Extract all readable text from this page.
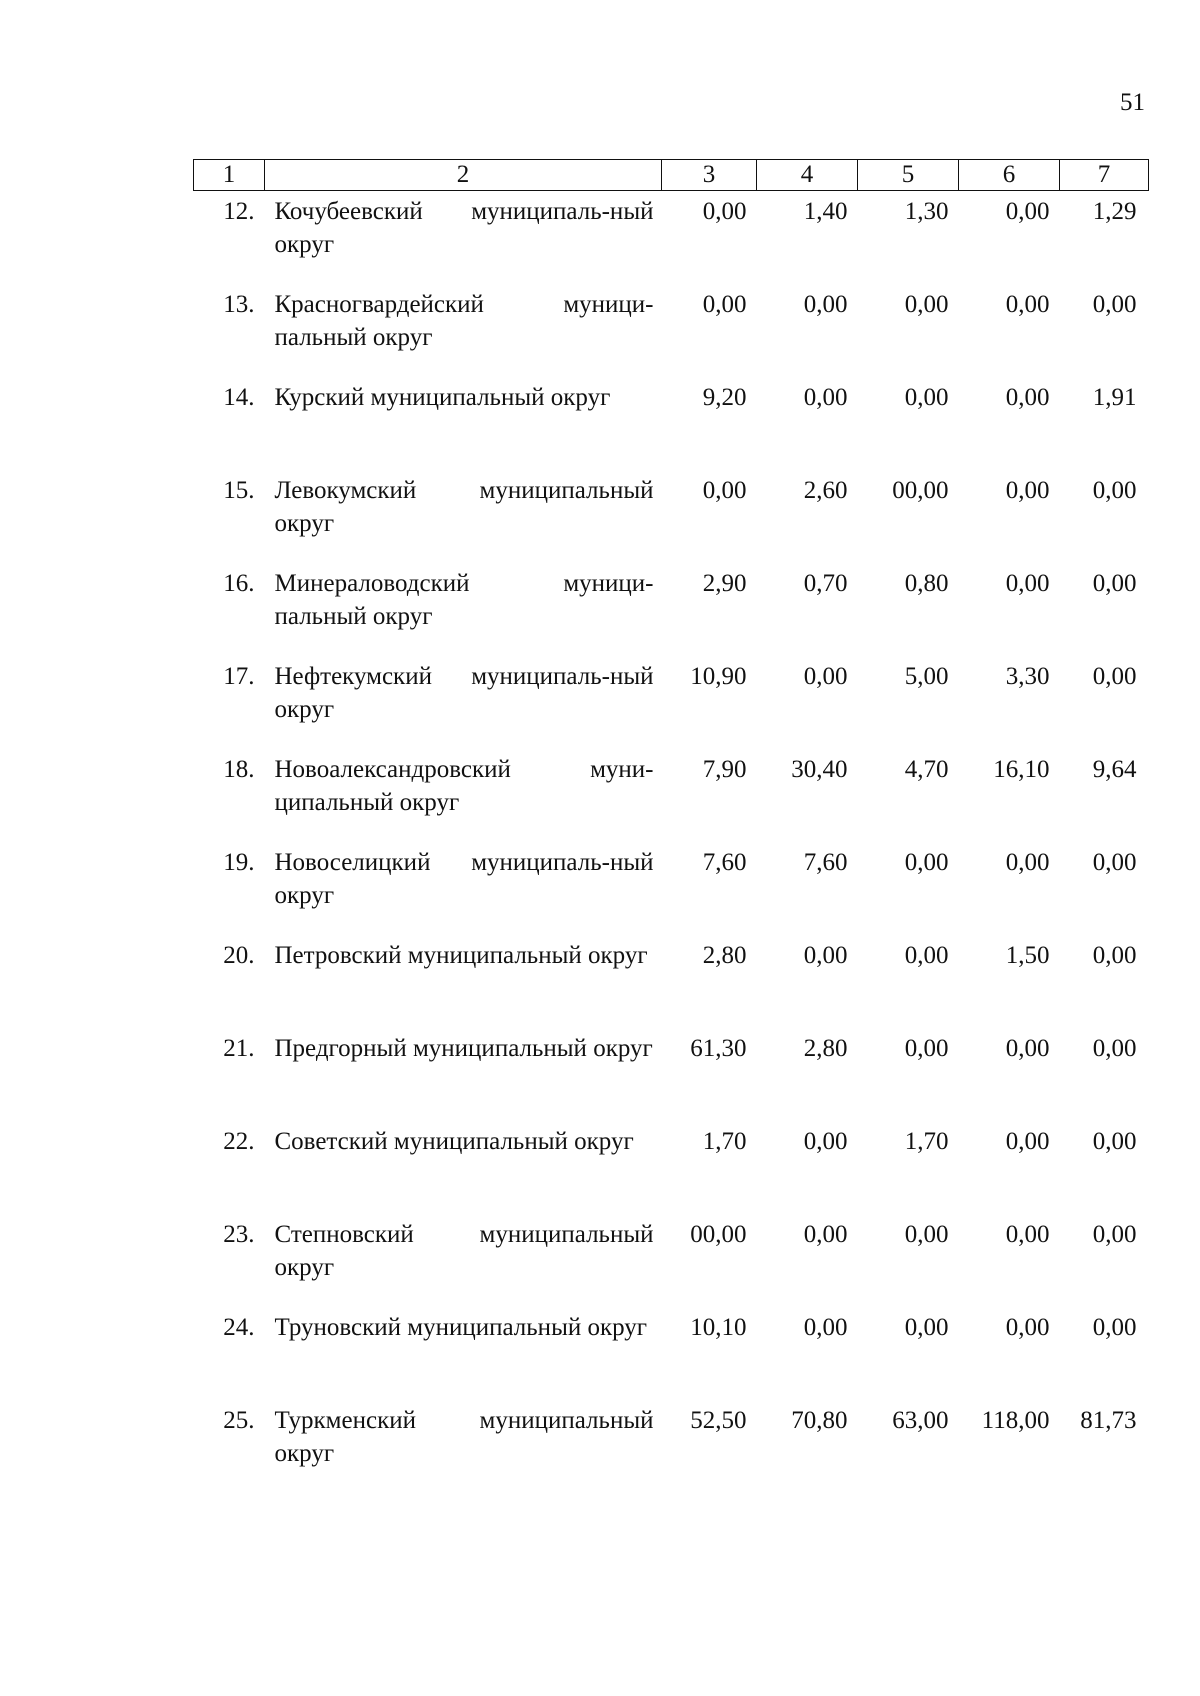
51
1	2	3	4	5	6	7
12.	Кочубеевский муниципаль-ный округ	0,00	1,40	1,30	0,00	1,29
13.	Красногвардейский муници-пальный округ	0,00	0,00	0,00	0,00	0,00
14.	Курский муниципальный округ	9,20	0,00	0,00	0,00	1,91
15.	Левокумский муниципальный округ	0,00	2,60	00,00	0,00	0,00
16.	Минераловодский муници-пальный округ	2,90	0,70	0,80	0,00	0,00
17.	Нефтекумский муниципаль-ный округ	10,90	0,00	5,00	3,30	0,00
18.	Новоалександровский муни-ципальный округ	7,90	30,40	4,70	16,10	9,64
19.	Новоселицкий муниципаль-ный округ	7,60	7,60	0,00	0,00	0,00
20.	Петровский муниципальный округ	2,80	0,00	0,00	1,50	0,00
21.	Предгорный муниципальный округ	61,30	2,80	0,00	0,00	0,00
22.	Советский муниципальный округ	1,70	0,00	1,70	0,00	0,00
23.	Степновский муниципальный округ	00,00	0,00	0,00	0,00	0,00
24.	Труновский муниципальный округ	10,10	0,00	0,00	0,00	0,00
25.	Туркменский муниципальный округ	52,50	70,80	63,00	118,00	81,73
